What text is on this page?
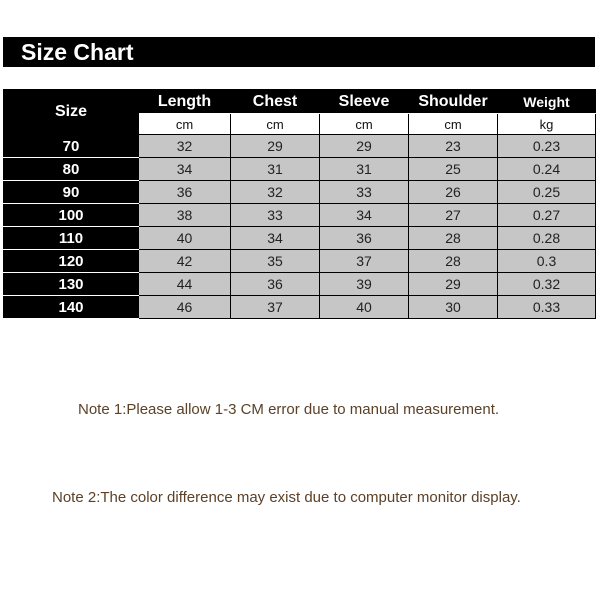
Size Chart
Size	Length	Chest	Sleeve	Shoulder	Weight
	cm	cm	cm	cm	kg
70	32	29	29	23	0.23
80	34	31	31	25	0.24
90	36	32	33	26	0.25
100	38	33	34	27	0.27
110	40	34	36	28	0.28
120	42	35	37	28	0.3
130	44	36	39	29	0.32
140	46	37	40	30	0.33
Note 1:Please allow 1-3 CM error due to manual measurement.
Note 2:The color difference may exist due to computer monitor display.
